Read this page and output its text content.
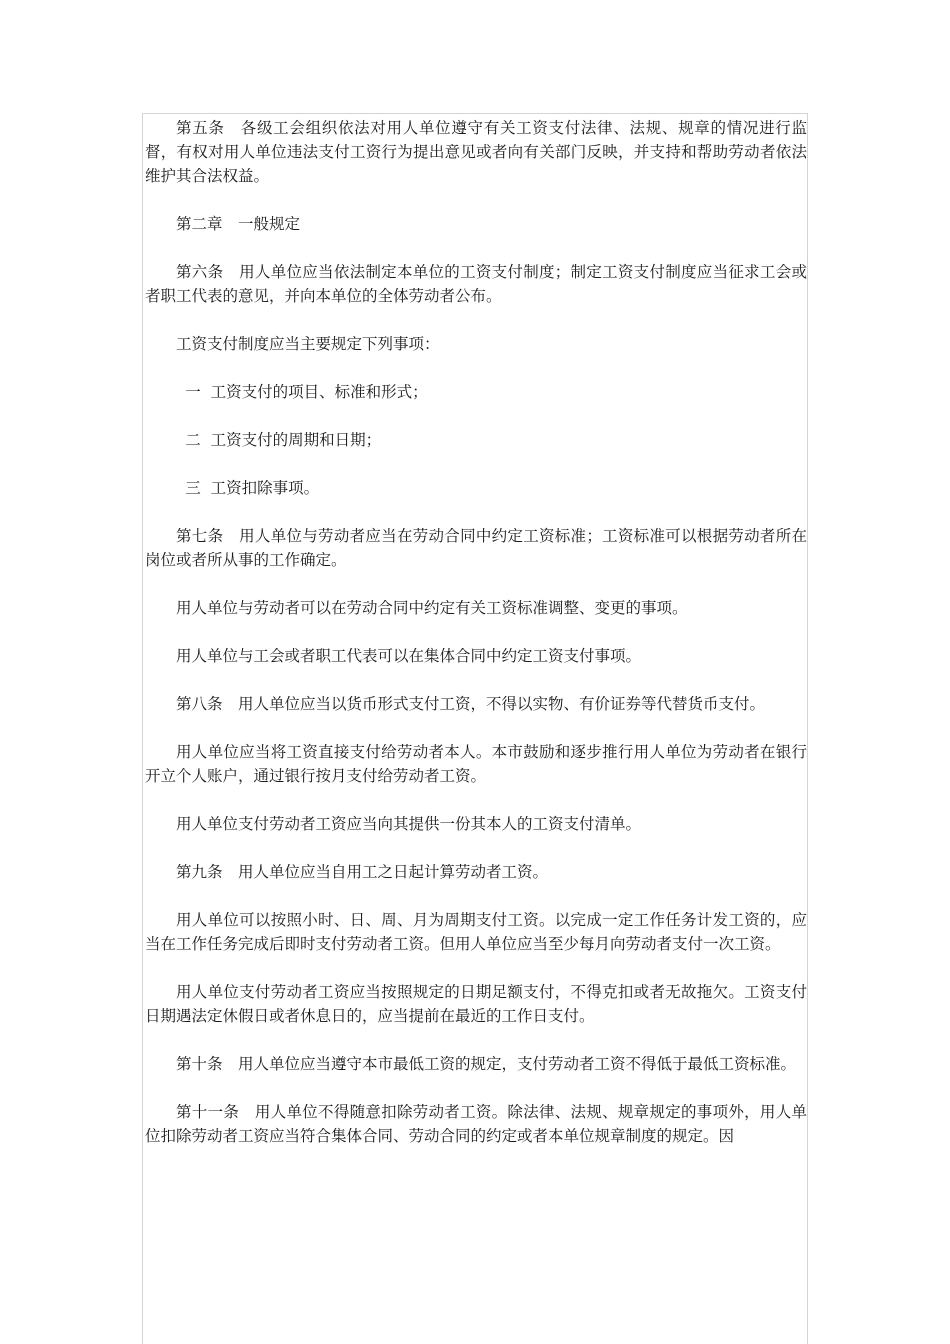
第五条　各级工会组织依法对用人单位遵守有关工资支付法律、法规、规章的情况进行监督，有权对用人单位违法支付工资行为提出意见或者向有关部门反映，并支持和帮助劳动者依法维护其合法权益。

第二章　一般规定

第六条　用人单位应当依法制定本单位的工资支付制度；制定工资支付制度应当征求工会或者职工代表的意见，并向本单位的全体劳动者公布。

工资支付制度应当主要规定下列事项：

一  工资支付的项目、标准和形式；

二  工资支付的周期和日期；

三  工资扣除事项。

第七条　用人单位与劳动者应当在劳动合同中约定工资标准；工资标准可以根据劳动者所在岗位或者所从事的工作确定。

用人单位与劳动者可以在劳动合同中约定有关工资标准调整、变更的事项。

用人单位与工会或者职工代表可以在集体合同中约定工资支付事项。

第八条　用人单位应当以货币形式支付工资，不得以实物、有价证券等代替货币支付。

用人单位应当将工资直接支付给劳动者本人。本市鼓励和逐步推行用人单位为劳动者在银行开立个人账户，通过银行按月支付给劳动者工资。

用人单位支付劳动者工资应当向其提供一份其本人的工资支付清单。

第九条　用人单位应当自用工之日起计算劳动者工资。

用人单位可以按照小时、日、周、月为周期支付工资。以完成一定工作任务计发工资的，应当在工作任务完成后即时支付劳动者工资。但用人单位应当至少每月向劳动者支付一次工资。

用人单位支付劳动者工资应当按照规定的日期足额支付，不得克扣或者无故拖欠。工资支付日期遇法定休假日或者休息日的，应当提前在最近的工作日支付。

第十条　用人单位应当遵守本市最低工资的规定，支付劳动者工资不得低于最低工资标准。

第十一条　用人单位不得随意扣除劳动者工资。除法律、法规、规章规定的事项外，用人单位扣除劳动者工资应当符合集体合同、劳动合同的约定或者本单位规章制度的规定。因
